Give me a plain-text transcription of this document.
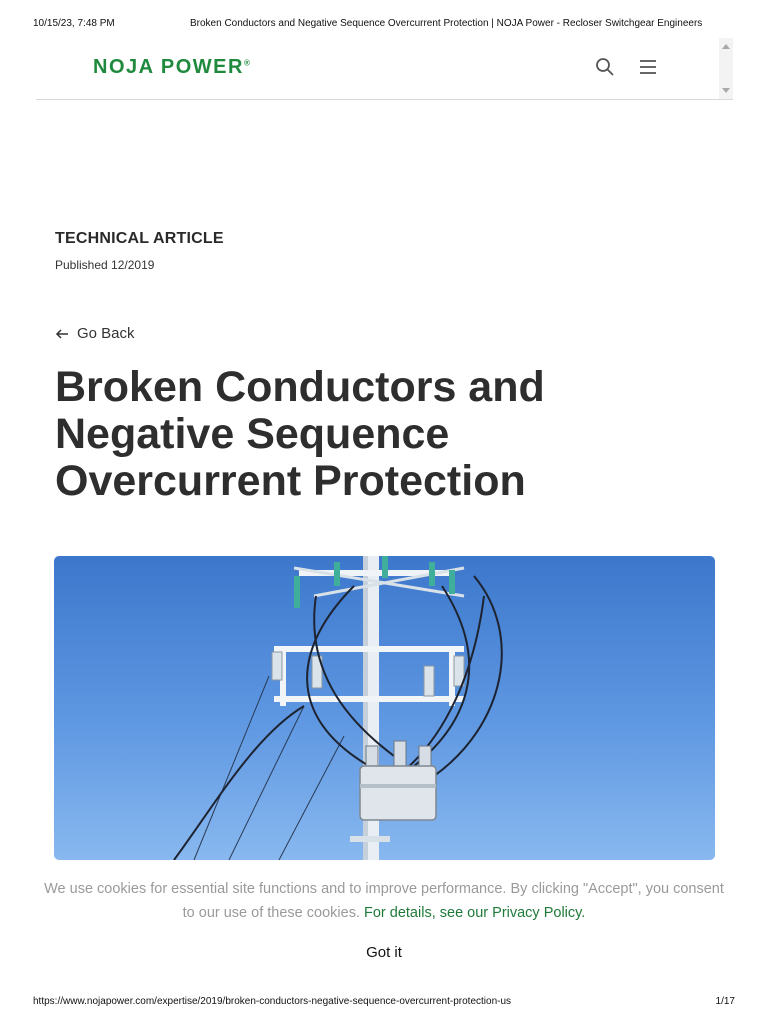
10/15/23, 7:48 PM	Broken Conductors and Negative Sequence Overcurrent Protection | NOJA Power - Recloser Switchgear Engineers
NOJA POWER®
TECHNICAL ARTICLE
Published 12/2019
Go Back
Broken Conductors and Negative Sequence Overcurrent Protection
We use cookies for essential site functions and to improve performance. By clicking "Accept", you consent to our use of these cookies. For details, see our Privacy Policy.
Got it
https://www.nojapower.com/expertise/2019/broken-conductors-negative-sequence-overcurrent-protection-us	1/17
